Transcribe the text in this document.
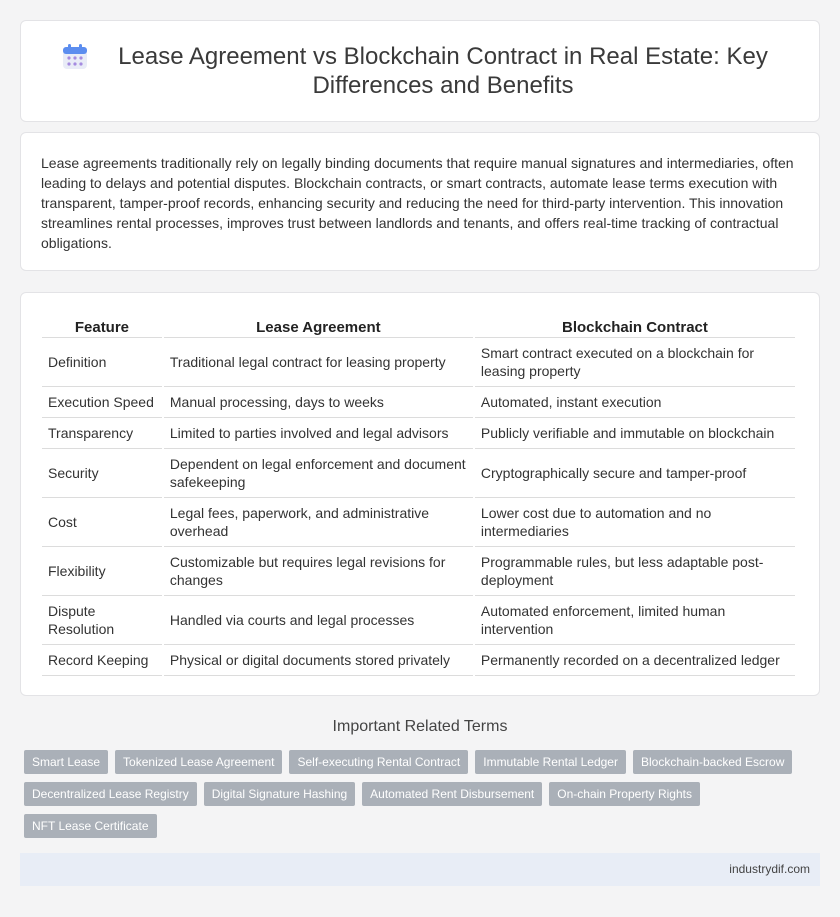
Lease Agreement vs Blockchain Contract in Real Estate: Key Differences and Benefits

Lease agreements traditionally rely on legally binding documents that require manual signatures and intermediaries, often leading to delays and potential disputes. Blockchain contracts, or smart contracts, automate lease terms execution with transparent, tamper-proof records, enhancing security and reducing the need for third-party intervention. This innovation streamlines rental processes, improves trust between landlords and tenants, and offers real-time tracking of contractual obligations.

Feature	Lease Agreement	Blockchain Contract
Definition	Traditional legal contract for leasing property	Smart contract executed on a blockchain for leasing property
Execution Speed	Manual processing, days to weeks	Automated, instant execution
Transparency	Limited to parties involved and legal advisors	Publicly verifiable and immutable on blockchain
Security	Dependent on legal enforcement and document safekeeping	Cryptographically secure and tamper-proof
Cost	Legal fees, paperwork, and administrative overhead	Lower cost due to automation and no intermediaries
Flexibility	Customizable but requires legal revisions for changes	Programmable rules, but less adaptable post-deployment
Dispute Resolution	Handled via courts and legal processes	Automated enforcement, limited human intervention
Record Keeping	Physical or digital documents stored privately	Permanently recorded on a decentralized ledger
Important Related Terms
Smart Lease	Tokenized Lease Agreement	Self-executing Rental Contract	Immutable Rental Ledger	Blockchain-backed Escrow
Decentralized Lease Registry	Digital Signature Hashing	Automated Rent Disbursement	On-chain Property Rights
NFT Lease Certificate
industrydif.com
